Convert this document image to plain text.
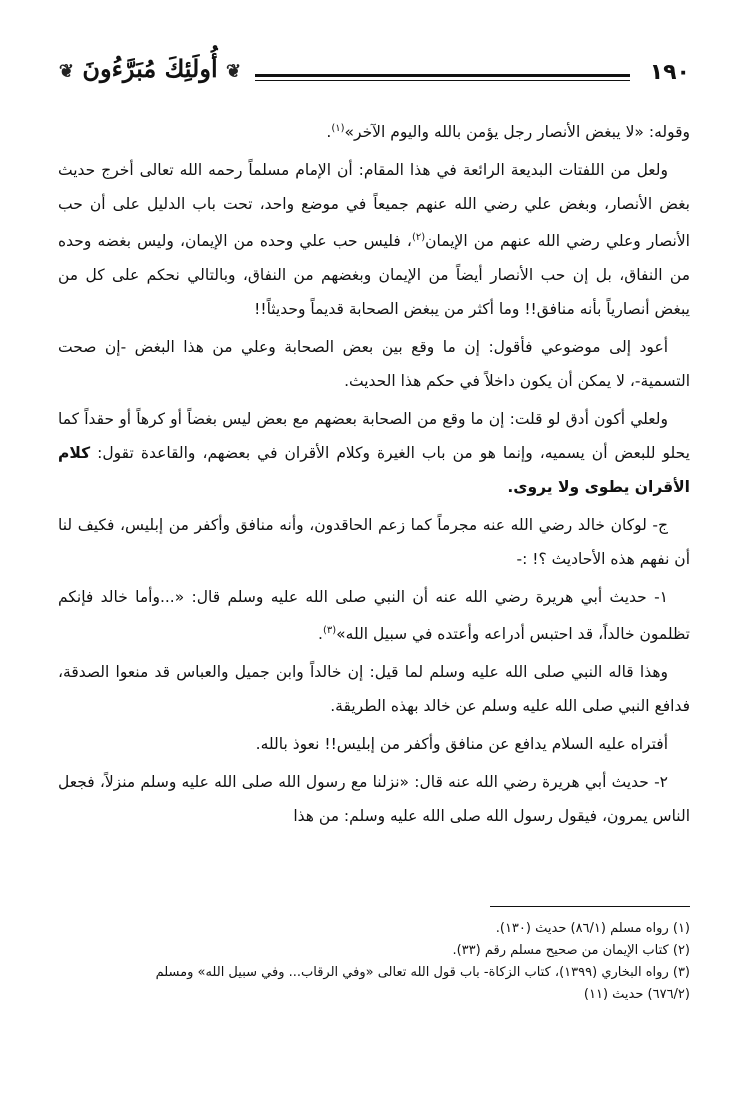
١٩٠
❦ أُولَئِكَ مُبَرَّءُونَ ❦

وقوله: «لا يبغض الأنصار رجل يؤمن بالله واليوم الآخر»$^{(١)}$.

ولعل من اللفتات البديعة الرائعة في هذا المقام: أن الإمام مسلماً رحمه الله تعالى أخرج حديث بغض الأنصار، وبغض علي رضي الله عنهم جميعاً في موضع واحد، تحت باب الدليل على أن حب الأنصار وعلي رضي الله عنهم من الإيمان$^{(٢)}$، فليس حب علي وحده من الإيمان، وليس بغضه وحده من النفاق، بل إن حب الأنصار أيضاً من الإيمان وبغضهم من النفاق، وبالتالي نحكم على كل من يبغض أنصارياً بأنه منافق!! وما أكثر من يبغض الصحابة قديماً وحديثاً!!

أعود إلى موضوعي فأقول: إن ما وقع بين بعض الصحابة وعلي من هذا البغض -إن صحت التسمية-، لا يمكن أن يكون داخلاً في حكم هذا الحديث.

ولعلي أكون أدق لو قلت: إن ما وقع من الصحابة بعضهم مع بعض ليس بغضاً أو كرهاً أو حقداً كما يحلو للبعض أن يسميه، وإنما هو من باب الغيرة وكلام الأقران في بعضهم، والقاعدة تقول: كلام الأقران يطوى ولا يروى.

ج- لوكان خالد رضي الله عنه مجرماً كما زعم الحاقدون، وأنه منافق وأكفر من إبليس، فكيف لنا أن نفهم هذه الأحاديث ؟! :-

١- حديث أبي هريرة رضي الله عنه أن النبي صلى الله عليه وسلم قال: «...وأما خالد فإنكم تظلمون خالداً، قد احتبس أدراعه وأعتده في سبيل الله»$^{(٣)}$.

وهذا قاله النبي صلى الله عليه وسلم لما قيل: إن خالداً وابن جميل والعباس قد منعوا الصدقة، فدافع النبي صلى الله عليه وسلم عن خالد بهذه الطريقة.

أفتراه عليه السلام يدافع عن منافق وأكفر من إبليس!! نعوذ بالله.

٢- حديث أبي هريرة رضي الله عنه قال: «نزلنا مع رسول الله صلى الله عليه وسلم منزلاً، فجعل الناس يمرون، فيقول رسول الله صلى الله عليه وسلم: من هذا

(١) رواه مسلم (٨٦/١) حديث (١٣٠).
(٢) كتاب الإيمان من صحيح مسلم رقم (٣٣).
(٣) رواه البخاري (١٣٩٩)، كتاب الزكاة- باب قول الله تعالى «وفي الرقاب... وفي سبيل الله» ومسلم
(٦٧٦/٢) حديث (١١)
